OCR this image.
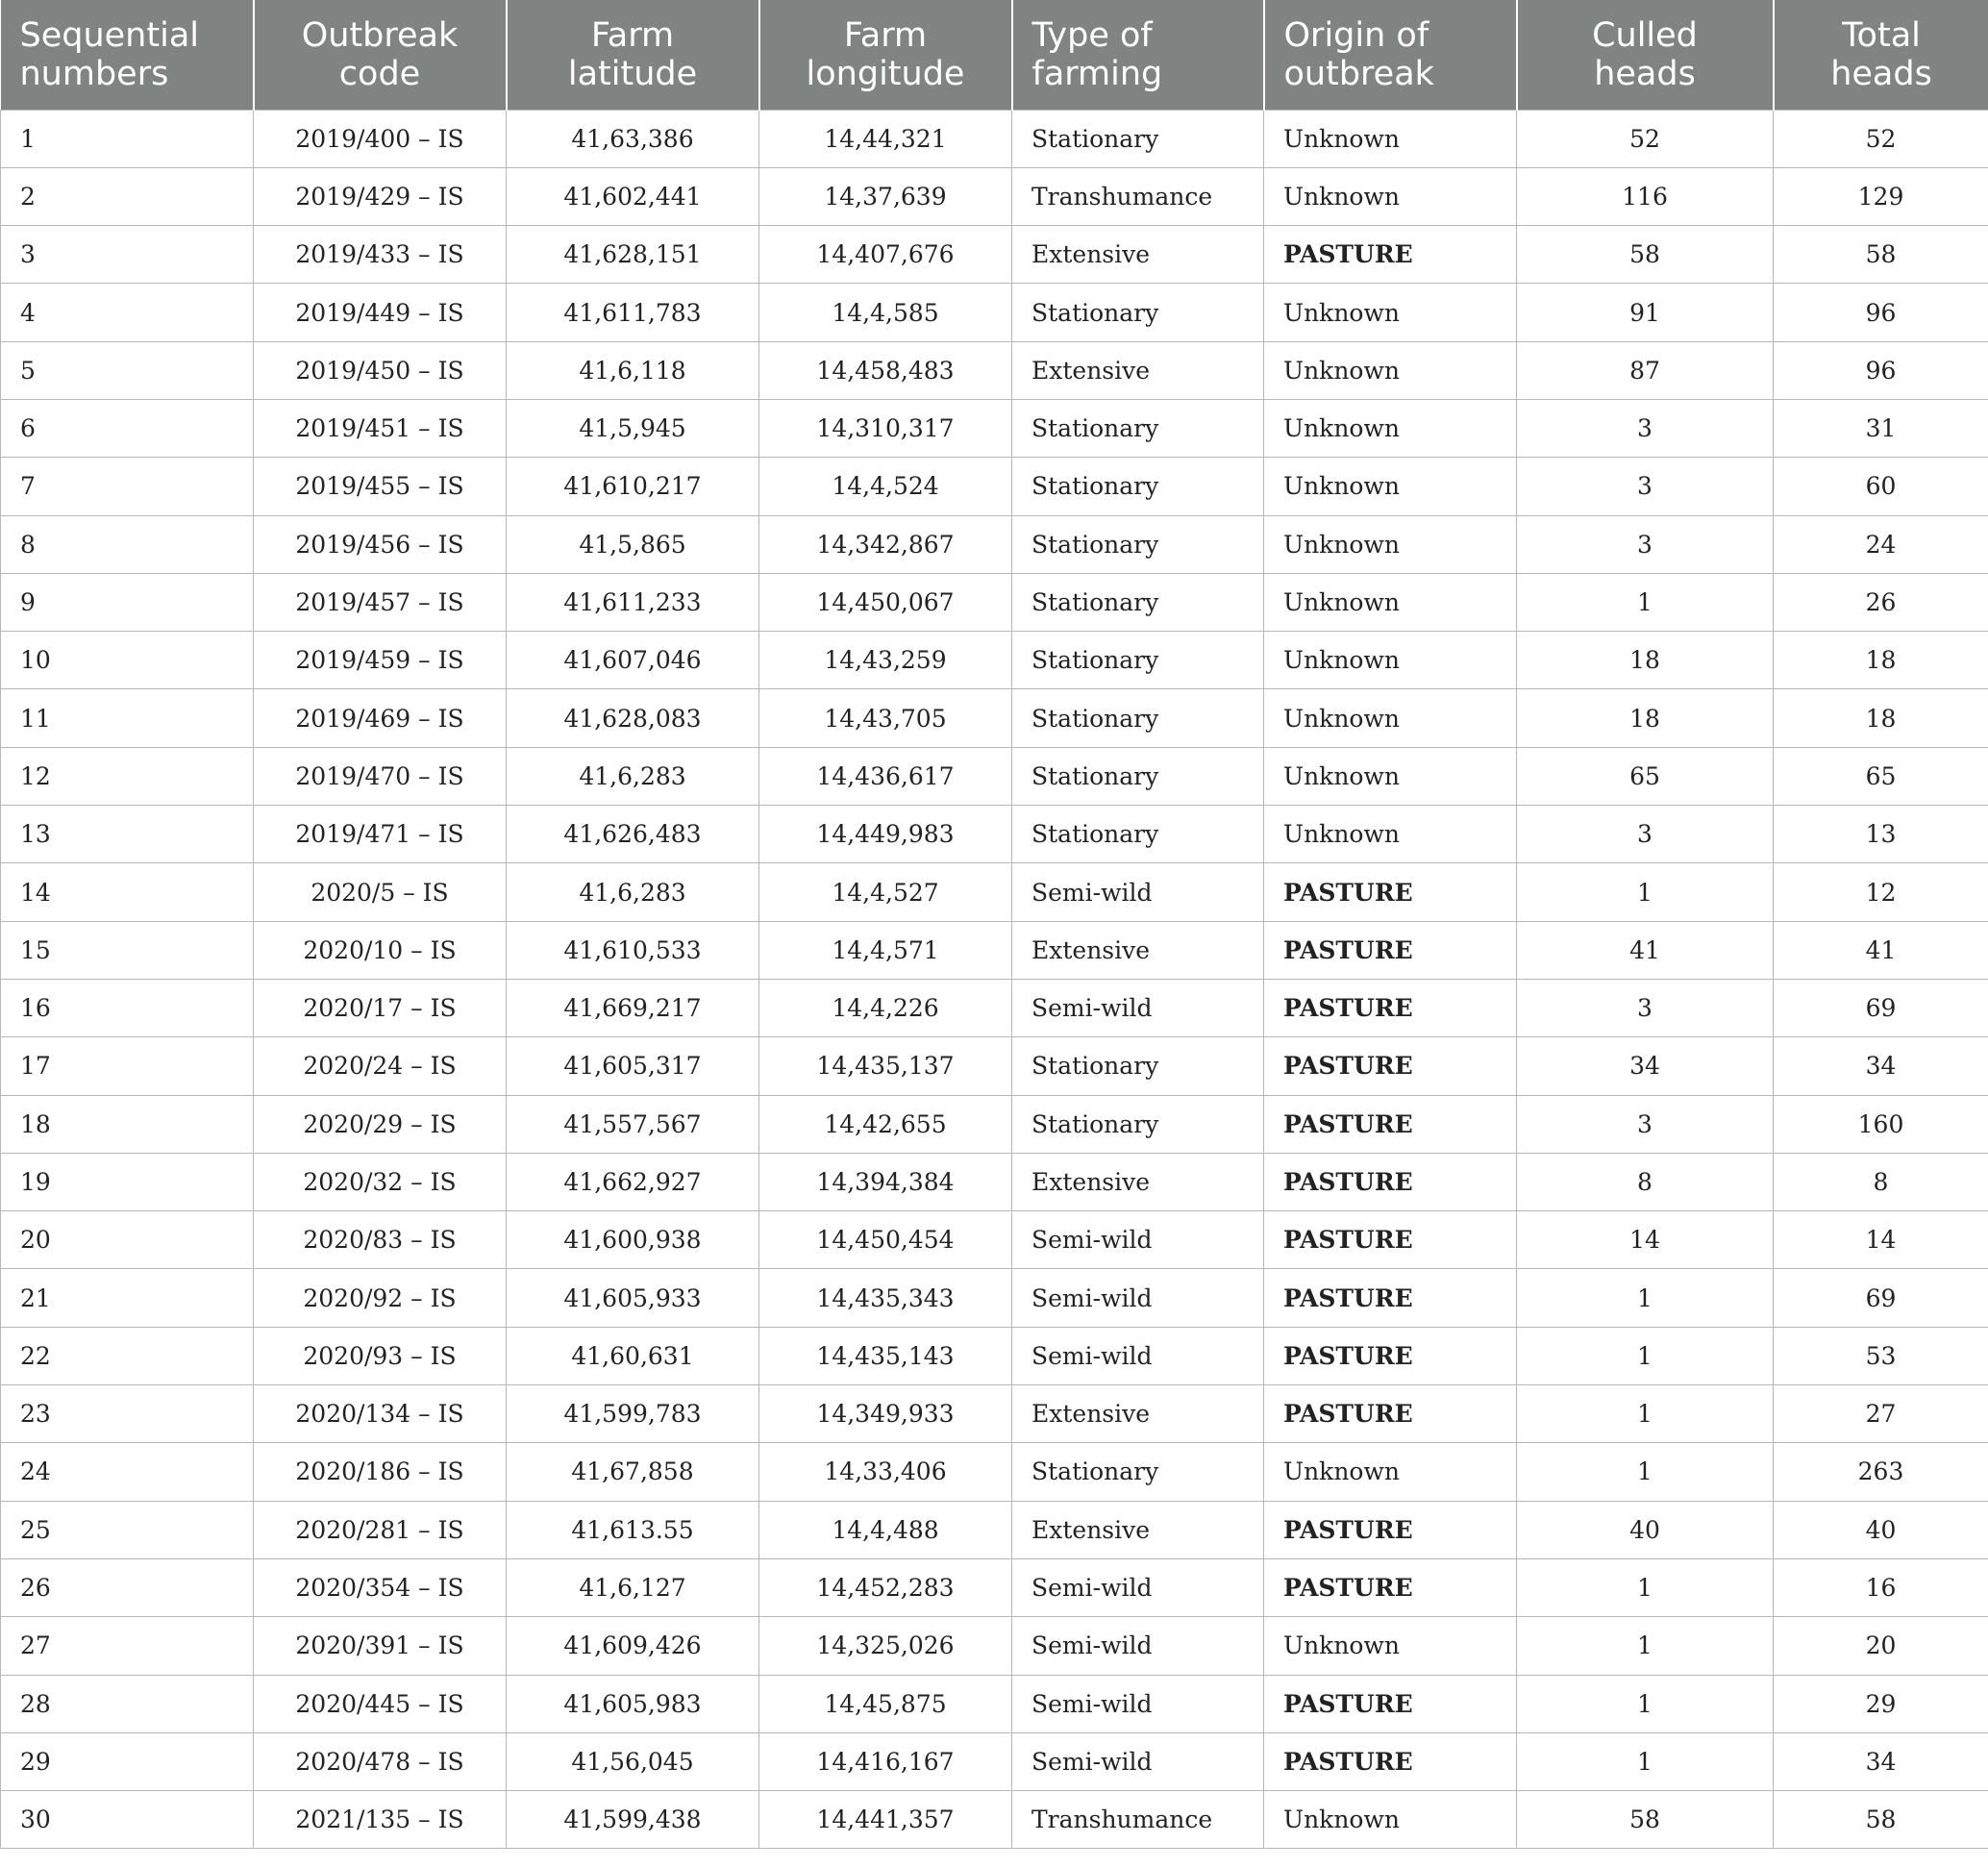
Sequential numbers	Outbreak code	Farm latitude	Farm longitude	Type of farming	Origin of outbreak	Culled heads	Total heads
1	2019/400 – IS	41,63,386	14,44,321	Stationary	Unknown	52	52
2	2019/429 – IS	41,602,441	14,37,639	Transhumance	Unknown	116	129
3	2019/433 – IS	41,628,151	14,407,676	Extensive	PASTURE	58	58
4	2019/449 – IS	41,611,783	14,4,585	Stationary	Unknown	91	96
5	2019/450 – IS	41,6,118	14,458,483	Extensive	Unknown	87	96
6	2019/451 – IS	41,5,945	14,310,317	Stationary	Unknown	3	31
7	2019/455 – IS	41,610,217	14,4,524	Stationary	Unknown	3	60
8	2019/456 – IS	41,5,865	14,342,867	Stationary	Unknown	3	24
9	2019/457 – IS	41,611,233	14,450,067	Stationary	Unknown	1	26
10	2019/459 – IS	41,607,046	14,43,259	Stationary	Unknown	18	18
11	2019/469 – IS	41,628,083	14,43,705	Stationary	Unknown	18	18
12	2019/470 – IS	41,6,283	14,436,617	Stationary	Unknown	65	65
13	2019/471 – IS	41,626,483	14,449,983	Stationary	Unknown	3	13
14	2020/5 – IS	41,6,283	14,4,527	Semi-wild	PASTURE	1	12
15	2020/10 – IS	41,610,533	14,4,571	Extensive	PASTURE	41	41
16	2020/17 – IS	41,669,217	14,4,226	Semi-wild	PASTURE	3	69
17	2020/24 – IS	41,605,317	14,435,137	Stationary	PASTURE	34	34
18	2020/29 – IS	41,557,567	14,42,655	Stationary	PASTURE	3	160
19	2020/32 – IS	41,662,927	14,394,384	Extensive	PASTURE	8	8
20	2020/83 – IS	41,600,938	14,450,454	Semi-wild	PASTURE	14	14
21	2020/92 – IS	41,605,933	14,435,343	Semi-wild	PASTURE	1	69
22	2020/93 – IS	41,60,631	14,435,143	Semi-wild	PASTURE	1	53
23	2020/134 – IS	41,599,783	14,349,933	Extensive	PASTURE	1	27
24	2020/186 – IS	41,67,858	14,33,406	Stationary	Unknown	1	263
25	2020/281 – IS	41,613.55	14,4,488	Extensive	PASTURE	40	40
26	2020/354 – IS	41,6,127	14,452,283	Semi-wild	PASTURE	1	16
27	2020/391 – IS	41,609,426	14,325,026	Semi-wild	Unknown	1	20
28	2020/445 – IS	41,605,983	14,45,875	Semi-wild	PASTURE	1	29
29	2020/478 – IS	41,56,045	14,416,167	Semi-wild	PASTURE	1	34
30	2021/135 – IS	41,599,438	14,441,357	Transhumance	Unknown	58	58
